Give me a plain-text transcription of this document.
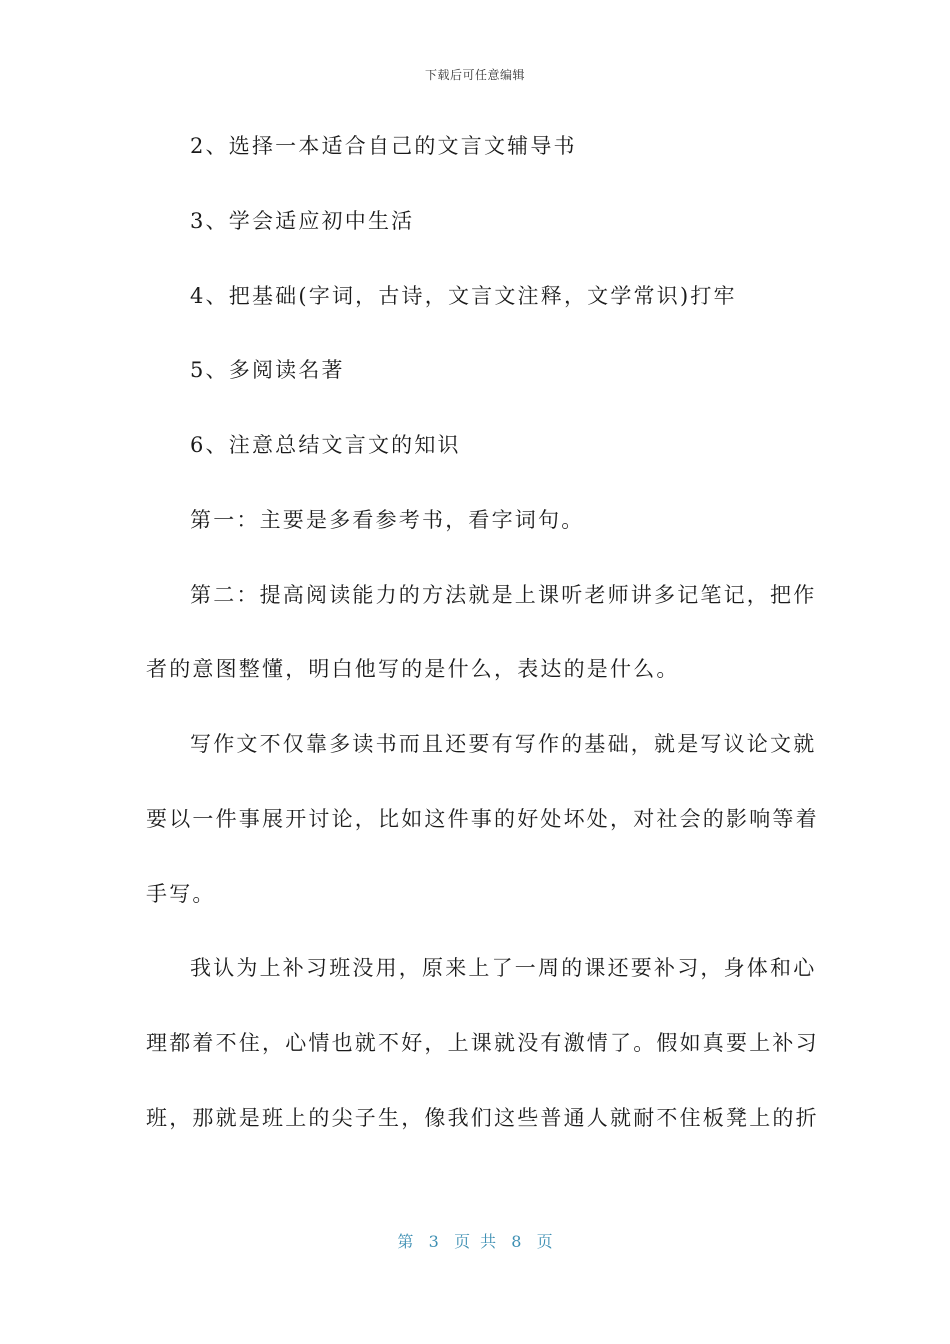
下载后可任意编辑
2、选择一本适合自己的文言文辅导书
3、学会适应初中生活
4、把基础(字词，古诗，文言文注释，文学常识)打牢
5、多阅读名著
6、注意总结文言文的知识
第一：主要是多看参考书，看字词句。
第二：提高阅读能力的方法就是上课听老师讲多记笔记，把作
者的意图整懂，明白他写的是什么，表达的是什么。
写作文不仅靠多读书而且还要有写作的基础，就是写议论文就
要以一件事展开讨论，比如这件事的好处坏处，对社会的影响等着
手写。
我认为上补习班没用，原来上了一周的课还要补习，身体和心
理都着不住，心情也就不好，上课就没有激情了。假如真要上补习
班，那就是班上的尖子生，像我们这些普通人就耐不住板凳上的折
第 3 页共 8 页
